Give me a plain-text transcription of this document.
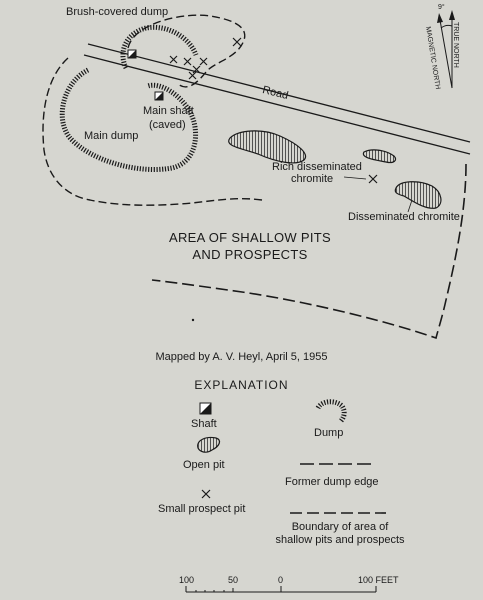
Brush-covered dump
Road
Main shaft
(caved)
Main dump
Rich disseminated
chromite
Disseminated chromite
AREA OF SHALLOW PITS
AND PROSPECTS
9°
TRUE NORTH
MAGNETIC NORTH
Mapped by A. V. Heyl, April 5, 1955
EXPLANATION
Shaft
Dump
Open pit
Former dump edge
Small prospect pit
Boundary of area of
shallow pits and prospects
100	50	0	100 FEET
